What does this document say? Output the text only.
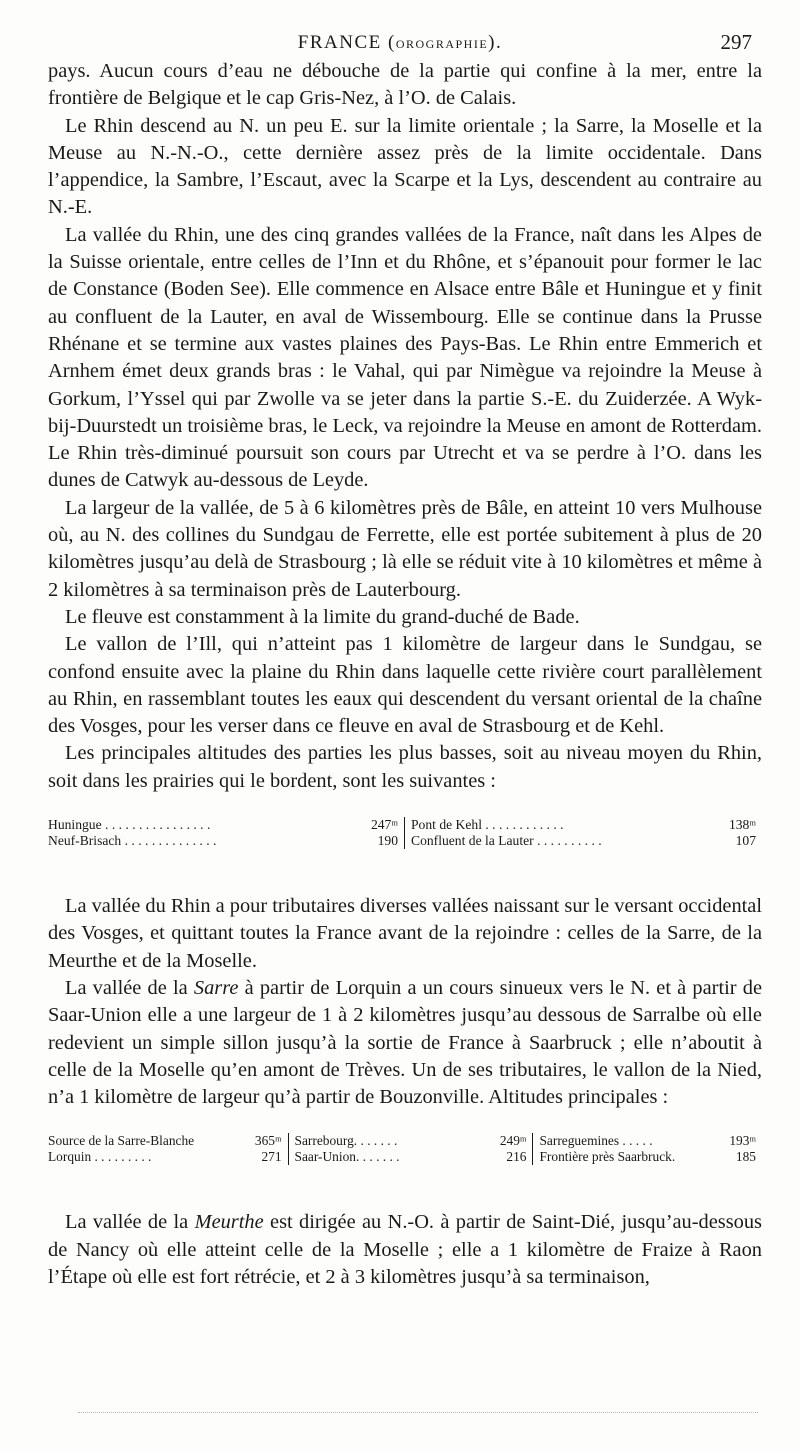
FRANCE (OROGRAPHIE).	297

pays. Aucun cours d’eau ne débouche de la partie qui confine à la mer, entre la frontière de Belgique et le cap Gris-Nez, à l’O. de Calais.

Le Rhin descend au N. un peu E. sur la limite orientale ; la Sarre, la Moselle et la Meuse au N.-N.-O., cette dernière assez près de la limite occidentale. Dans l’appendice, la Sambre, l’Escaut, avec la Scarpe et la Lys, descendent au contraire au N.-E.

La vallée du Rhin, une des cinq grandes vallées de la France, naît dans les Alpes de la Suisse orientale, entre celles de l’Inn et du Rhône, et s’épanouit pour former le lac de Constance (Boden See). Elle commence en Alsace entre Bâle et Huningue et y finit au confluent de la Lauter, en aval de Wissembourg. Elle se continue dans la Prusse Rhénane et se termine aux vastes plaines des Pays-Bas. Le Rhin entre Emmerich et Arnhem émet deux grands bras : le Vahal, qui par Nimègue va rejoindre la Meuse à Gorkum, l’Yssel qui par Zwolle va se jeter dans la partie S.-E. du Zuiderzée. A Wyk-bij-Duurstedt un troisième bras, le Leck, va rejoindre la Meuse en amont de Rotterdam. Le Rhin très-diminué poursuit son cours par Utrecht et va se perdre à l’O. dans les dunes de Catwyk au-dessous de Leyde.

La largeur de la vallée, de 5 à 6 kilomètres près de Bâle, en atteint 10 vers Mulhouse où, au N. des collines du Sundgau de Ferrette, elle est portée subitement à plus de 20 kilomètres jusqu’au delà de Strasbourg ; là elle se réduit vite à 10 kilomètres et même à 2 kilomètres à sa terminaison près de Lauterbourg.

Le fleuve est constamment à la limite du grand-duché de Bade.

Le vallon de l’Ill, qui n’atteint pas 1 kilomètre de largeur dans le Sundgau, se confond ensuite avec la plaine du Rhin dans laquelle cette rivière court parallèlement au Rhin, en rassemblant toutes les eaux qui descendent du versant oriental de la chaîne des Vosges, pour les verser dans ce fleuve en aval de Strasbourg et de Kehl.

Les principales altitudes des parties les plus basses, soit au niveau moyen du Rhin, soit dans les prairies qui le bordent, sont les suivantes :

Huningue . . . . . . . . . . . . . . . .	247ᵐ	Pont de Kehl . . . . . . . . . . . .	138ᵐ
Neuf-Brisach . . . . . . . . . . . . . .	190	Confluent de la Lauter . . . . . . . . . .	107

La vallée du Rhin a pour tributaires diverses vallées naissant sur le versant occidental des Vosges, et quittant toutes la France avant de la rejoindre : celles de la Sarre, de la Meurthe et de la Moselle.

La vallée de la Sarre à partir de Lorquin a un cours sinueux vers le N. et à partir de Saar-Union elle a une largeur de 1 à 2 kilomètres jusqu’au dessous de Sarralbe où elle redevient un simple sillon jusqu’à la sortie de France à Saarbruck ; elle n’aboutit à celle de la Moselle qu’en amont de Trèves. Un de ses tributaires, le vallon de la Nied, n’a 1 kilomètre de largeur qu’à partir de Bouzonville. Altitudes principales :

Source de la Sarre-Blanche	365ᵐ	Sarrebourg. . . . . . .	249ᵐ	Sarreguemines . . . . .	193ᵐ
Lorquin . . . . . . . . .	271	Saar-Union. . . . . . .	216	Frontière près Saarbruck.	185

La vallée de la Meurthe est dirigée au N.-O. à partir de Saint-Dié, jusqu’au-dessous de Nancy où elle atteint celle de la Moselle ; elle a 1 kilomètre de Fraize à Raon l’Étape où elle est fort rétrécie, et 2 à 3 kilomètres jusqu’à sa terminaison,
